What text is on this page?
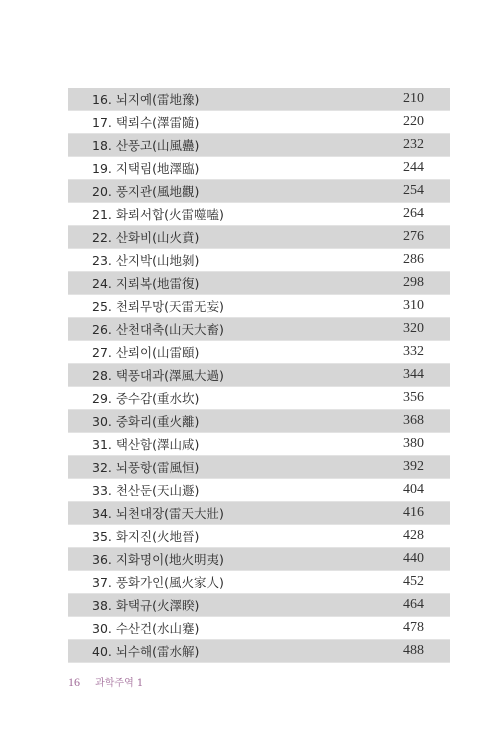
16. 뇌지예(雷地豫)	210
17. 택뢰수(澤雷隨)	220
18. 산풍고(山風蠱)	232
19. 지택림(地澤臨)	244
20. 풍지관(風地觀)	254
21. 화뢰서합(火雷噬嗑)	264
22. 산화비(山火賁)	276
23. 산지박(山地剝)	286
24. 지뢰복(地雷復)	298
25. 천뢰무망(天雷无妄)	310
26. 산천대축(山天大畜)	320
27. 산뢰이(山雷頤)	332
28. 택풍대과(澤風大過)	344
29. 중수감(重水坎)	356
30. 중화리(重火離)	368
31. 택산함(澤山咸)	380
32. 뇌풍항(雷風恒)	392
33. 천산둔(天山遯)	404
34. 뇌천대장(雷天大壯)	416
35. 화지진(火地晉)	428
36. 지화명이(地火明夷)	440
37. 풍화가인(風火家人)	452
38. 화택규(火澤睽)	464
30. 수산건(水山蹇)	478
40. 뇌수해(雷水解)	488
16 과학주역 1
